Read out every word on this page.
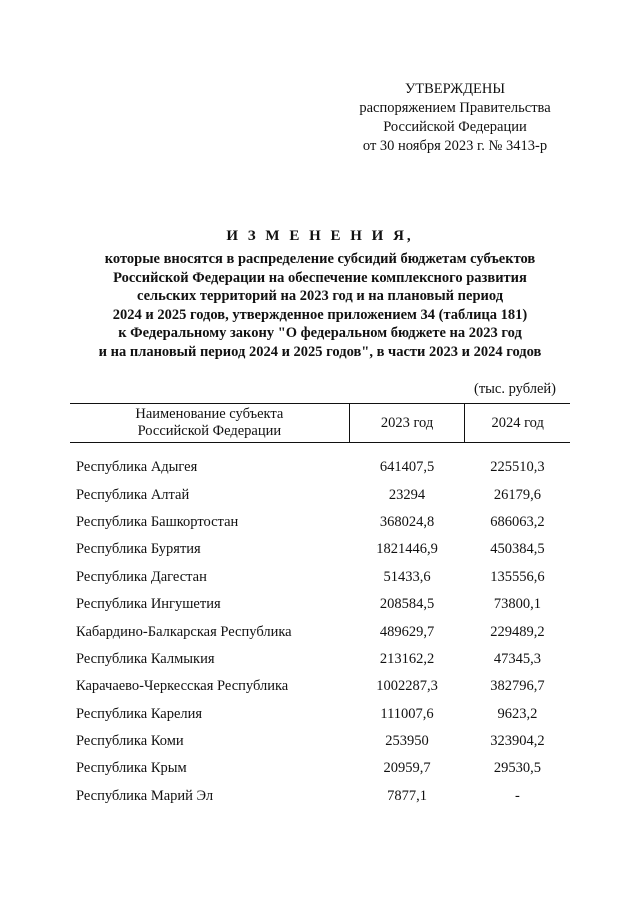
УТВЕРЖДЕНЫ
распоряжением Правительства
Российской Федерации
от 30 ноября 2023 г. № 3413-р
И З М Е Н Е Н И Я,
которые вносятся в распределение субсидий бюджетам субъектов
Российской Федерации на обеспечение комплексного развития
сельских территорий на 2023 год и на плановый период
2024 и 2025 годов, утвержденное приложением 34 (таблица 181)
к Федеральному закону "О федеральном бюджете на 2023 год
и на плановый период 2024 и 2025 годов", в части 2023 и 2024 годов
(тыс. рублей)
Наименование субъекта
Российской Федерации	2023 год	2024 год

Республика Адыгея	641407,5	225510,3
Республика Алтай	23294	26179,6
Республика Башкортостан	368024,8	686063,2
Республика Бурятия	1821446,9	450384,5
Республика Дагестан	51433,6	135556,6
Республика Ингушетия	208584,5	73800,1
Кабардино-Балкарская Республика	489629,7	229489,2
Республика Калмыкия	213162,2	47345,3
Карачаево-Черкесская Республика	1002287,3	382796,7
Республика Карелия	111007,6	9623,2
Республика Коми	253950	323904,2
Республика Крым	20959,7	29530,5
Республика Марий Эл	7877,1	-
